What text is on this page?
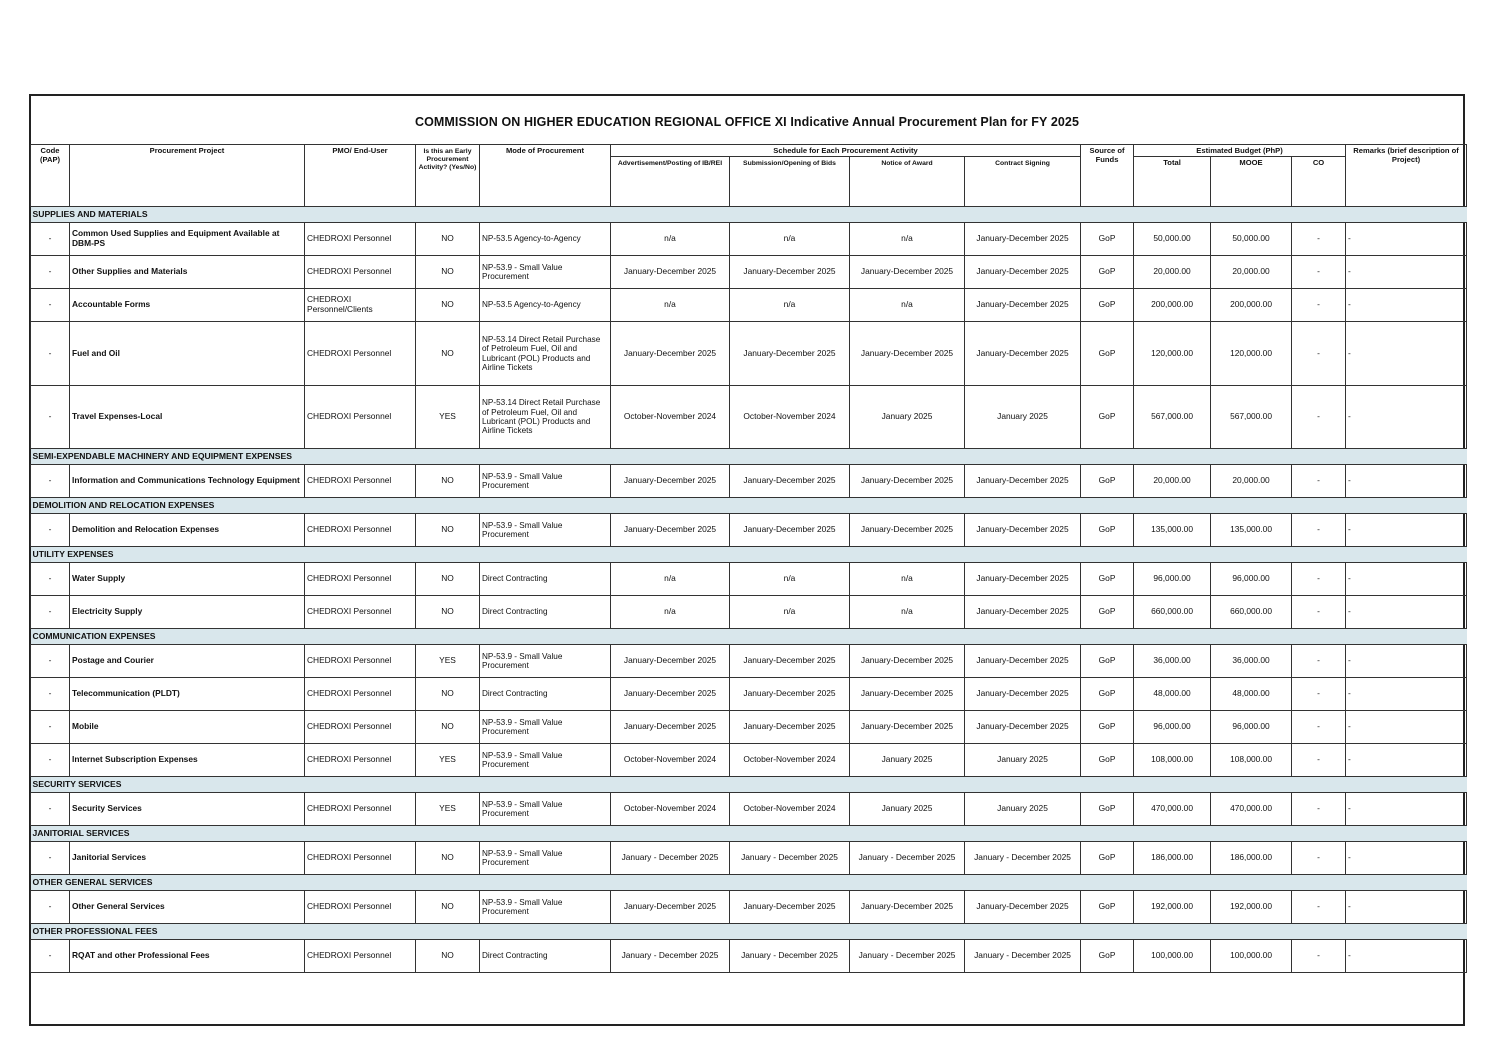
COMMISSION ON HIGHER EDUCATION REGIONAL OFFICE XI Indicative Annual Procurement Plan for FY 2025
Code (PAP)	Procurement Project	PMO/ End-User	Is this an Early Procurement Activity? (Yes/No)	Mode of Procurement	Schedule for Each Procurement Activity				Source of Funds	Estimated Budget (PhP)			Remarks (brief description of Project)
					Advertisement/Posting of IB/REI	Submission/Opening of Bids	Notice of Award	Contract Signing		Total	MOOE	CO	
SUPPLIES AND MATERIALS													
-	Common Used Supplies and Equipment Available at DBM-PS	CHEDROXI Personnel	NO	NP-53.5 Agency-to-Agency	n/a	n/a	n/a	January-December 2025	GoP	50,000.00	50,000.00	-	-
-	Other Supplies and Materials	CHEDROXI Personnel	NO	NP-53.9 - Small Value Procurement	January-December 2025	January-December 2025	January-December 2025	January-December 2025	GoP	20,000.00	20,000.00	-	-
-	Accountable Forms	CHEDROXI Personnel/Clients	NO	NP-53.5 Agency-to-Agency	n/a	n/a	n/a	January-December 2025	GoP	200,000.00	200,000.00	-	-
-	Fuel and Oil	CHEDROXI Personnel	NO	NP-53.14 Direct Retail Purchase of Petroleum Fuel, Oil and Lubricant (POL) Products and Airline Tickets	January-December 2025	January-December 2025	January-December 2025	January-December 2025	GoP	120,000.00	120,000.00	-	-
-	Travel Expenses-Local	CHEDROXI Personnel	YES	NP-53.14 Direct Retail Purchase of Petroleum Fuel, Oil and Lubricant (POL) Products and Airline Tickets	October-November 2024	October-November 2024	January 2025	January 2025	GoP	567,000.00	567,000.00	-	-
SEMI-EXPENDABLE MACHINERY AND EQUIPMENT EXPENSES													
-	Information and Communications Technology Equipment	CHEDROXI Personnel	NO	NP-53.9 - Small Value Procurement	January-December 2025	January-December 2025	January-December 2025	January-December 2025	GoP	20,000.00	20,000.00	-	-
DEMOLITION AND RELOCATION EXPENSES													
-	Demolition and Relocation Expenses	CHEDROXI Personnel	NO	NP-53.9 - Small Value Procurement	January-December 2025	January-December 2025	January-December 2025	January-December 2025	GoP	135,000.00	135,000.00	-	-
UTILITY EXPENSES													
-	Water Supply	CHEDROXI Personnel	NO	Direct Contracting	n/a	n/a	n/a	January-December 2025	GoP	96,000.00	96,000.00	-	-
-	Electricity Supply	CHEDROXI Personnel	NO	Direct Contracting	n/a	n/a	n/a	January-December 2025	GoP	660,000.00	660,000.00	-	-
COMMUNICATION EXPENSES													
-	Postage and Courier	CHEDROXI Personnel	YES	NP-53.9 - Small Value Procurement	January-December 2025	January-December 2025	January-December 2025	January-December 2025	GoP	36,000.00	36,000.00	-	-
-	Telecommunication (PLDT)	CHEDROXI Personnel	NO	Direct Contracting	January-December 2025	January-December 2025	January-December 2025	January-December 2025	GoP	48,000.00	48,000.00	-	-
-	Mobile	CHEDROXI Personnel	NO	NP-53.9 - Small Value Procurement	January-December 2025	January-December 2025	January-December 2025	January-December 2025	GoP	96,000.00	96,000.00	-	-
-	Internet Subscription Expenses	CHEDROXI Personnel	YES	NP-53.9 - Small Value Procurement	October-November 2024	October-November 2024	January 2025	January 2025	GoP	108,000.00	108,000.00	-	-
SECURITY SERVICES													
-	Security Services	CHEDROXI Personnel	YES	NP-53.9 - Small Value Procurement	October-November 2024	October-November 2024	January 2025	January 2025	GoP	470,000.00	470,000.00	-	-
JANITORIAL SERVICES													
-	Janitorial Services	CHEDROXI Personnel	NO	NP-53.9 - Small Value Procurement	January - December 2025	January - December 2025	January - December 2025	January - December 2025	GoP	186,000.00	186,000.00	-	-
OTHER GENERAL SERVICES													
-	Other General Services	CHEDROXI Personnel	NO	NP-53.9 - Small Value Procurement	January-December 2025	January-December 2025	January-December 2025	January-December 2025	GoP	192,000.00	192,000.00	-	-
OTHER PROFESSIONAL FEES													
-	RQAT and other Professional Fees	CHEDROXI Personnel	NO	Direct Contracting	January - December 2025	January - December 2025	January - December 2025	January - December 2025	GoP	100,000.00	100,000.00	-	-
